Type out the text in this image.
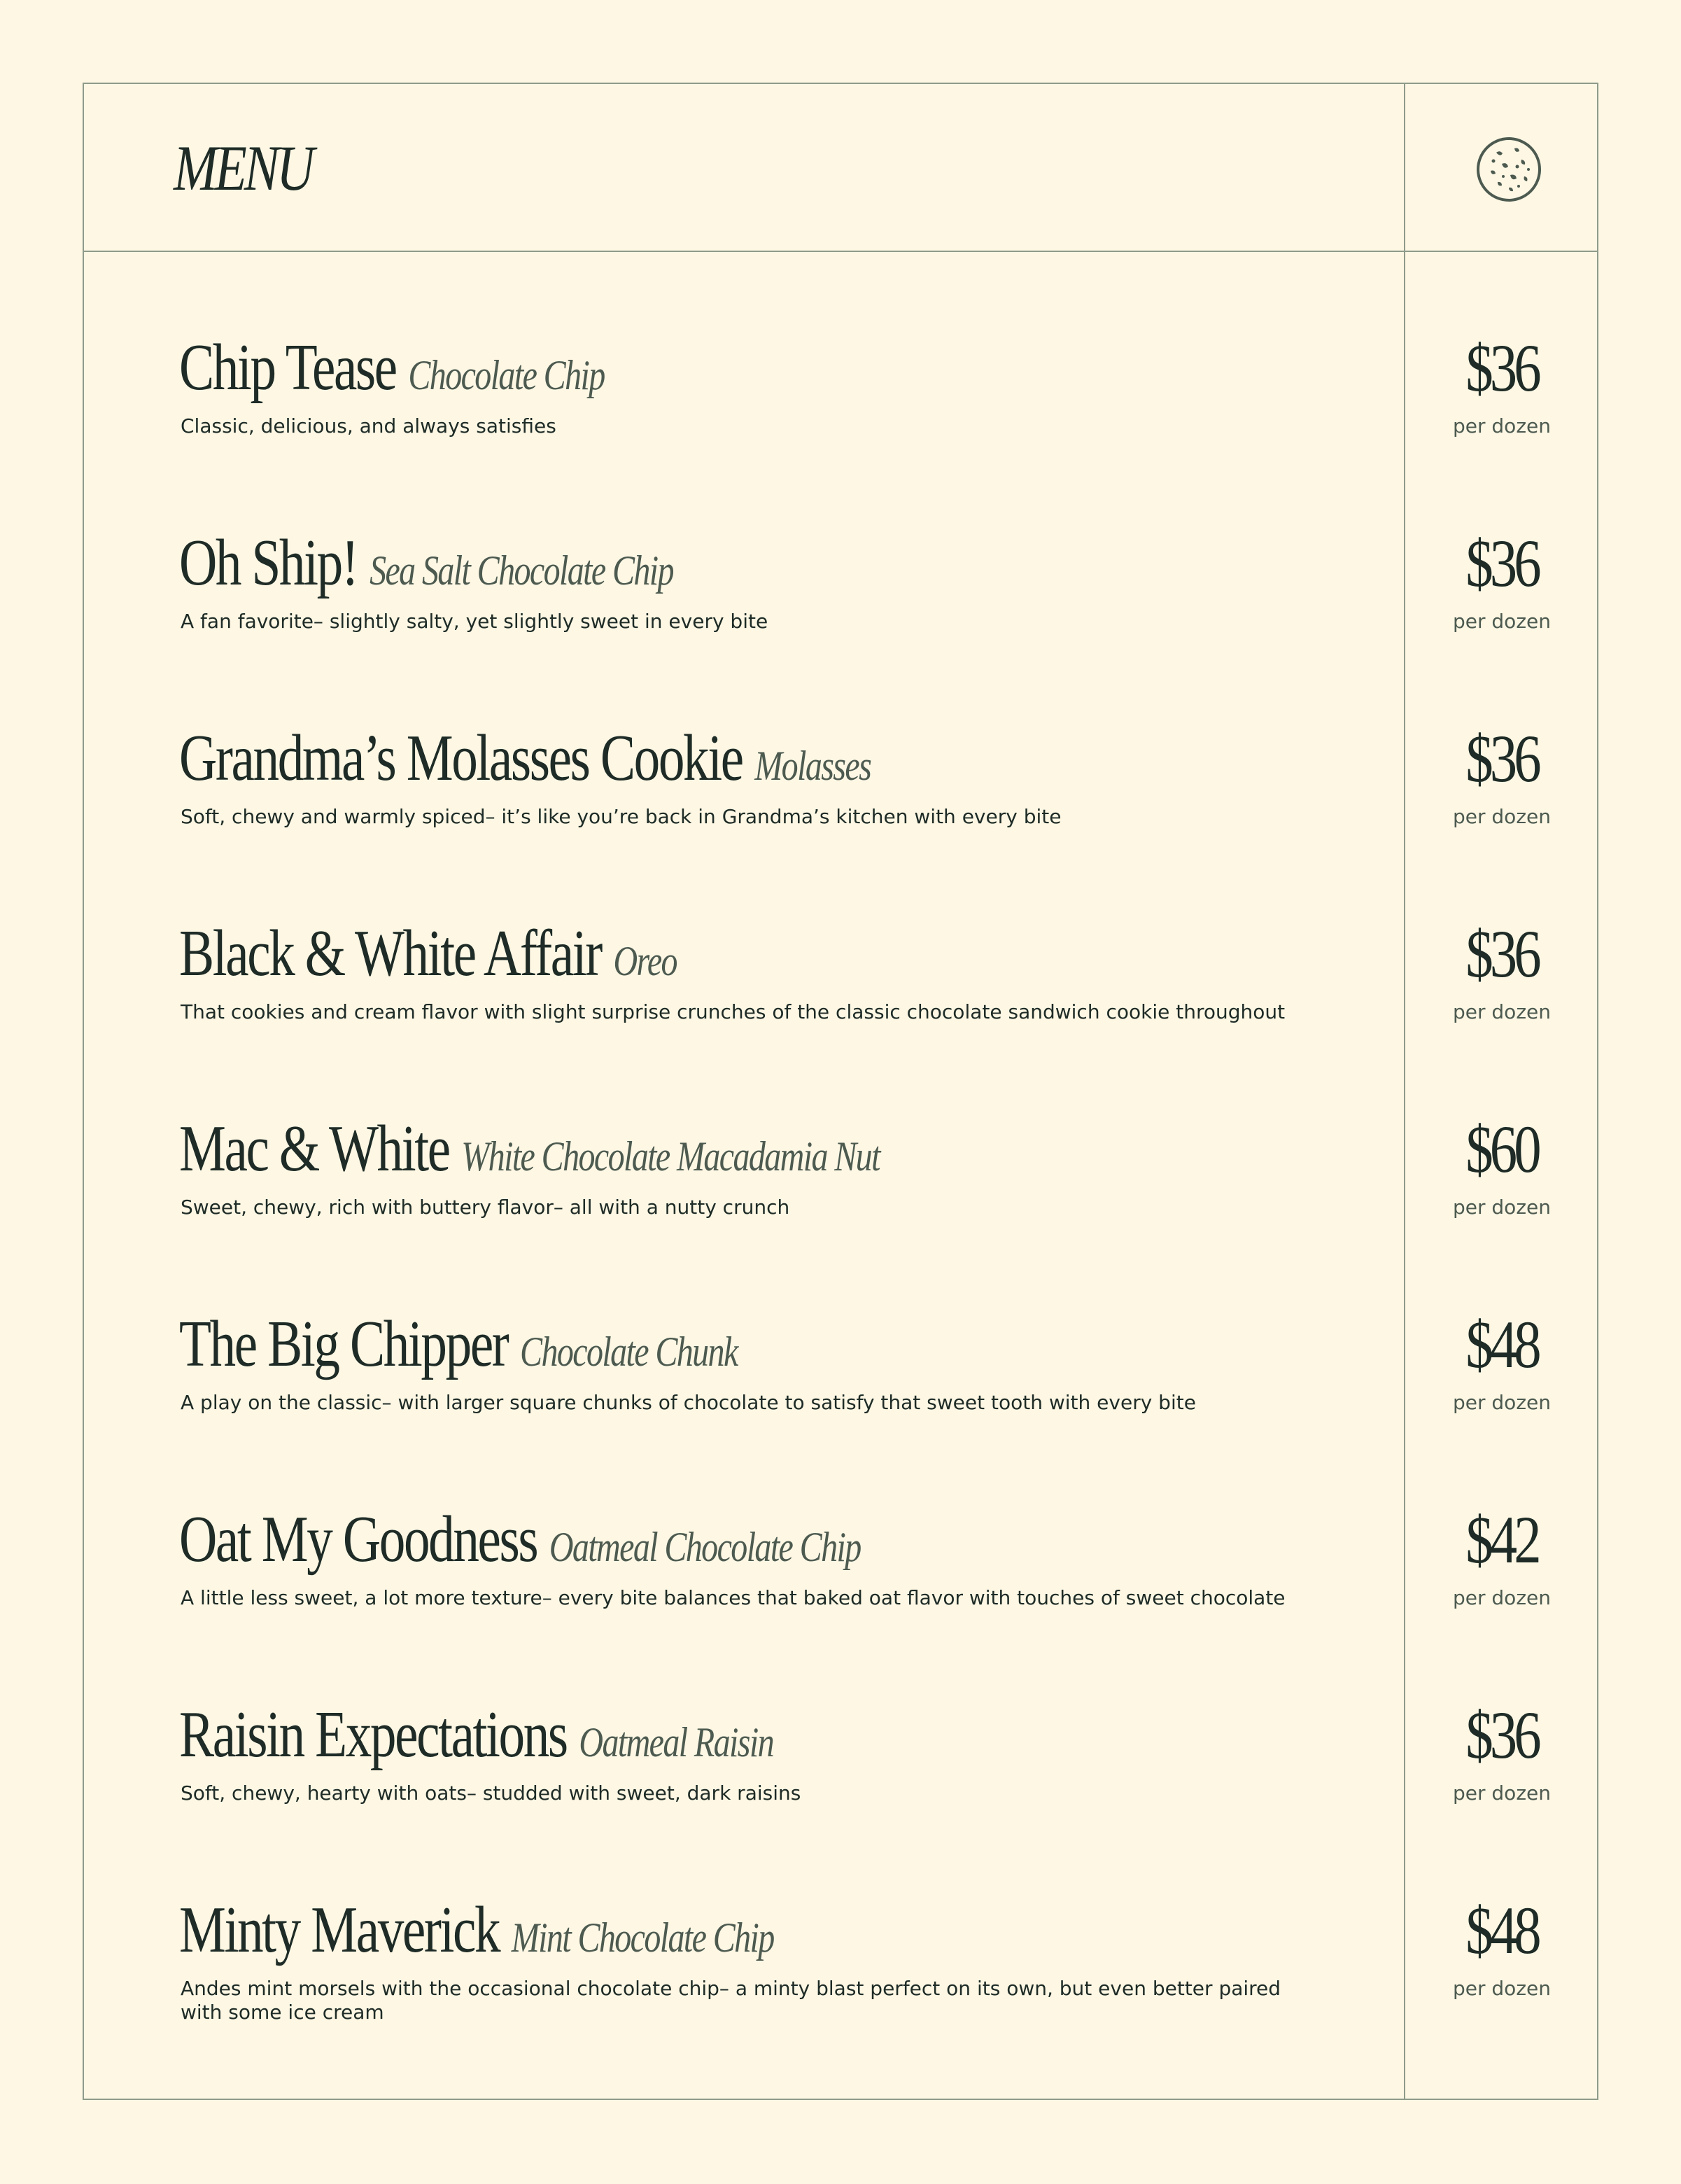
MENU
Chip Tease Chocolate Chip
Classic, delicious, and always satisfies
$36
per dozen
Oh Ship! Sea Salt Chocolate Chip
A fan favorite– slightly salty, yet slightly sweet in every bite
$36
per dozen
Grandma’s Molasses Cookie Molasses
Soft, chewy and warmly spiced– it’s like you’re back in Grandma’s kitchen with every bite
$36
per dozen
Black & White Affair Oreo
That cookies and cream flavor with slight surprise crunches of the classic chocolate sandwich cookie throughout
$36
per dozen
Mac & White White Chocolate Macadamia Nut
Sweet, chewy, rich with buttery flavor– all with a nutty crunch
$60
per dozen
The Big Chipper Chocolate Chunk
A play on the classic– with larger square chunks of chocolate to satisfy that sweet tooth with every bite
$48
per dozen
Oat My Goodness Oatmeal Chocolate Chip
A little less sweet, a lot more texture– every bite balances that baked oat flavor with touches of sweet chocolate
$42
per dozen
Raisin Expectations Oatmeal Raisin
Soft, chewy, hearty with oats– studded with sweet, dark raisins
$36
per dozen
Minty Maverick Mint Chocolate Chip
Andes mint morsels with the occasional chocolate chip– a minty blast perfect on its own, but even better paired with some ice cream
$48
per dozen
